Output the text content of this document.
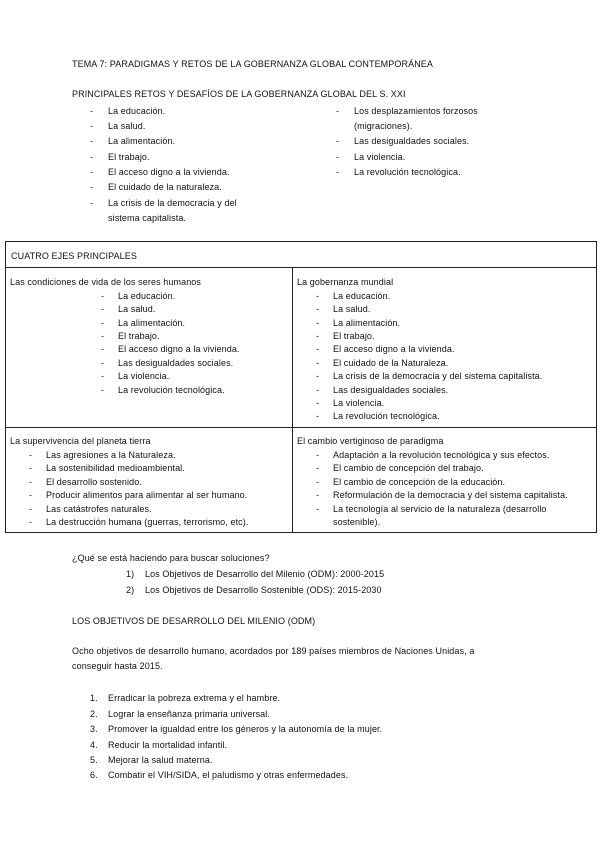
TEMA 7: PARADIGMAS Y RETOS DE LA GOBERNANZA GLOBAL CONTEMPORÁNEA
PRINCIPALES RETOS Y DESAFÍOS DE LA GOBERNANZA GLOBAL DEL S. XXI
- La educación.
- La salud.
- La alimentación.
- El trabajo.
- El acceso digno a la vivienda.
- El cuidado de la naturaleza.
- La crisis de la democracia y del
sistema capitalista.
- Los desplazamientos forzosos
(migraciones).
- Las desigualdades sociales.
- La violencia.
- La revolución tecnológica.
CUATRO EJES PRINCIPALES
Las condiciones de vida de los seres humanos
- La educación.
- La salud.
- La alimentación.
- El trabajo.
- El acceso digno a la vivienda.
- Las desigualdades sociales.
- La violencia.
- La revolución tecnológica.
La gobernanza mundial
- La educación.
- La salud.
- La alimentación.
- El trabajo.
- El acceso digno a la vivienda.
- El cuidado de la Naturaleza.
- La crisis de la democracia y del sistema capitalista.
- Las desigualdades sociales.
- La violencia.
- La revolución tecnológica.
La supervivencia del planeta tierra
- Las agresiones a la Naturaleza.
- La sostenibilidad medioambiental.
- El desarrollo sostenido.
- Producir alimentos para alimentar al ser humano.
- Las catástrofes naturales.
- La destrucción humana (guerras, terrorismo, etc).
El cambio vertiginoso de paradigma
- Adaptación a la revolución tecnológica y sus efectos.
- El cambio de concepción del trabajo.
- El cambio de concepción de la educación.
- Reformulación de la democracia y del sistema capitalista.
- La tecnología al servicio de la naturaleza (desarrollo
sostenible).
¿Qué se está haciendo para buscar soluciones?
1) Los Objetivos de Desarrollo del Milenio (ODM): 2000-2015
2) Los Objetivos de Desarrollo Sostenible (ODS): 2015-2030
LOS OBJETIVOS DE DESARROLLO DEL MILENIO (ODM)
Ocho objetivos de desarrollo humano, acordados por 189 países miembros de Naciones Unidas, a
conseguir hasta 2015.
1. Erradicar la pobreza extrema y el hambre.
2. Lograr la enseñanza primaria universal.
3. Promover la igualdad entre los géneros y la autonomía de la mujer.
4. Reducir la mortalidad infantil.
5. Mejorar la salud materna.
6. Combatir el VIH/SIDA, el paludismo y otras enfermedades.
